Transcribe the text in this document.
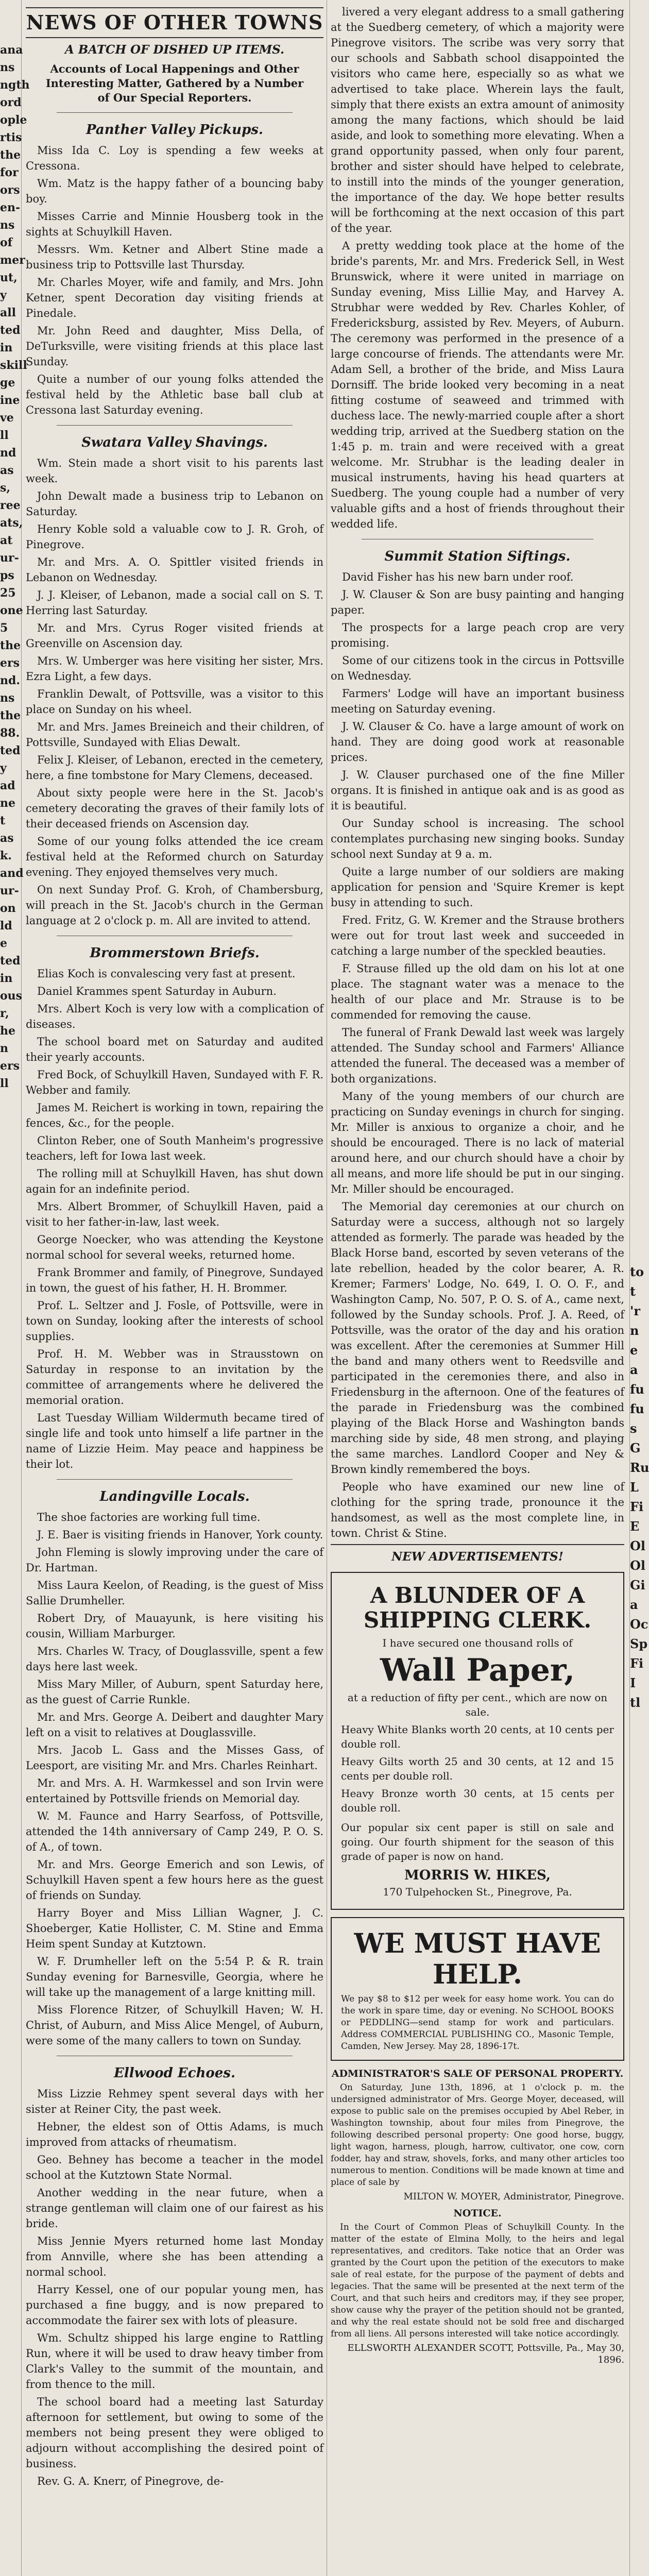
ana
ns
ngth
ord
ople
rtis
the
for
ors
en-
ns
of
mer
ut,
y
all
ted
in
skill
ge
ine
ve
ll
nd
as
s,
ree
ats,
at
ur-
ps
25
one
5
the
ers
nd.
ns
the
88.
ted
y
ad
ne
t
as
k.
and
ur-
on
ld
e
ted
in
ous
r,
he
n
ers
ll
NEWS OF OTHER TOWNS
A BATCH OF DISHED UP ITEMS.
Accounts of Local Happenings and Other Interesting Matter, Gathered by a Number of Our Special Reporters.
Panther Valley Pickups.

Miss Ida C. Loy is spending a few weeks at Cressona.

Wm. Matz is the happy father of a bouncing baby boy.

Misses Carrie and Minnie Housberg took in the sights at Schuylkill Haven.

Messrs. Wm. Ketner and Albert Stine made a business trip to Pottsville last Thursday.

Mr. Charles Moyer, wife and family, and Mrs. John Ketner, spent Decoration day visiting friends at Pinedale.

Mr. John Reed and daughter, Miss Della, of DeTurksville, were visiting friends at this place last Sunday.

Quite a number of our young folks attended the festival held by the Athletic base ball club at Cressona last Saturday evening.

Swatara Valley Shavings.

Wm. Stein made a short visit to his parents last week.

John Dewalt made a business trip to Lebanon on Saturday.

Henry Koble sold a valuable cow to J. R. Groh, of Pinegrove.

Mr. and Mrs. A. O. Spittler visited friends in Lebanon on Wednesday.

J. J. Kleiser, of Lebanon, made a social call on S. T. Herring last Saturday.

Mr. and Mrs. Cyrus Roger visited friends at Greenville on Ascension day.

Mrs. W. Umberger was here visiting her sister, Mrs. Ezra Light, a few days.

Franklin Dewalt, of Pottsville, was a visitor to this place on Sunday on his wheel.

Mr. and Mrs. James Breineich and their children, of Pottsville, Sundayed with Elias Dewalt.

Felix J. Kleiser, of Lebanon, erected in the cemetery, here, a fine tombstone for Mary Clemens, deceased.

About sixty people were here in the St. Jacob's cemetery decorating the graves of their family lots of their deceased friends on Ascension day.

Some of our young folks attended the ice cream festival held at the Reformed church on Saturday evening. They enjoyed themselves very much.

On next Sunday Prof. G. Kroh, of Chambersburg, will preach in the St. Jacob's church in the German language at 2 o'clock p. m. All are invited to attend.

Brommerstown Briefs.

Elias Koch is convalescing very fast at present.

Daniel Krammes spent Saturday in Auburn.

Mrs. Albert Koch is very low with a complication of diseases.

The school board met on Saturday and audited their yearly accounts.

Fred Bock, of Schuylkill Haven, Sundayed with F. R. Webber and family.

James M. Reichert is working in town, repairing the fences, &c., for the people.

Clinton Reber, one of South Manheim's progressive teachers, left for Iowa last week.

The rolling mill at Schuylkill Haven, has shut down again for an indefinite period.

Mrs. Albert Brommer, of Schuylkill Haven, paid a visit to her father-in-law, last week.

George Noecker, who was attending the Keystone normal school for several weeks, returned home.

Frank Brommer and family, of Pinegrove, Sundayed in town, the guest of his father, H. H. Brommer.

Prof. L. Seltzer and J. Fosle, of Pottsville, were in town on Sunday, looking after the interests of school supplies.

Prof. H. M. Webber was in Strausstown on Saturday in response to an invitation by the committee of arrangements where he delivered the memorial oration.

Last Tuesday William Wildermuth became tired of single life and took unto himself a life partner in the name of Lizzie Heim. May peace and happiness be their lot.

Landingville Locals.

The shoe factories are working full time.

J. E. Baer is visiting friends in Hanover, York county.

John Fleming is slowly improving under the care of Dr. Hartman.

Miss Laura Keelon, of Reading, is the guest of Miss Sallie Drumheller.

Robert Dry, of Mauayunk, is here visiting his cousin, William Marburger.

Mrs. Charles W. Tracy, of Douglassville, spent a few days here last week.

Miss Mary Miller, of Auburn, spent Saturday here, as the guest of Carrie Runkle.

Mr. and Mrs. George A. Deibert and daughter Mary left on a visit to relatives at Douglassville.

Mrs. Jacob L. Gass and the Misses Gass, of Leesport, are visiting Mr. and Mrs. Charles Reinhart.

Mr. and Mrs. A. H. Warmkessel and son Irvin were entertained by Pottsville friends on Memorial day.

W. M. Faunce and Harry Searfoss, of Pottsville, attended the 14th anniversary of Camp 249, P. O. S. of A., of town.

Mr. and Mrs. George Emerich and son Lewis, of Schuylkill Haven spent a few hours here as the guest of friends on Sunday.

Harry Boyer and Miss Lillian Wagner, J. C. Shoeberger, Katie Hollister, C. M. Stine and Emma Heim spent Sunday at Kutztown.

W. F. Drumheller left on the 5:54 P. & R. train Sunday evening for Barnesville, Georgia, where he will take up the management of a large knitting mill.

Miss Florence Ritzer, of Schuylkill Haven; W. H. Christ, of Auburn, and Miss Alice Mengel, of Auburn, were some of the many callers to town on Sunday.

Ellwood Echoes.

Miss Lizzie Rehmey spent several days with her sister at Reiner City, the past week.

Hebner, the eldest son of Ottis Adams, is much improved from attacks of rheumatism.

Geo. Behney has become a teacher in the model school at the Kutztown State Normal.

Another wedding in the near future, when a strange gentleman will claim one of our fairest as his bride.

Miss Jennie Myers returned home last Monday from Annville, where she has been attending a normal school.

Harry Kessel, one of our popular young men, has purchased a fine buggy, and is now prepared to accommodate the fairer sex with lots of pleasure.

Wm. Schultz shipped his large engine to Rattling Run, where it will be used to draw heavy timber from Clark's Valley to the summit of the mountain, and from thence to the mill.

The school board had a meeting last Saturday afternoon for settlement, but owing to some of the members not being present they were obliged to adjourn without accomplishing the desired point of business.

Rev. G. A. Knerr, of Pinegrove, de-

livered a very elegant address to a small gathering at the Suedberg cemetery, of which a majority were Pinegrove visitors. The scribe was very sorry that our schools and Sabbath school disappointed the visitors who came here, especially so as what we advertised to take place. Wherein lays the fault, simply that there exists an extra amount of animosity among the many factions, which should be laid aside, and look to something more elevating. When a grand opportunity passed, when only four parent, brother and sister should have helped to celebrate, to instill into the minds of the younger generation, the importance of the day. We hope better results will be forthcoming at the next occasion of this part of the year.

A pretty wedding took place at the home of the bride's parents, Mr. and Mrs. Frederick Sell, in West Brunswick, where it were united in marriage on Sunday evening, Miss Lillie May, and Harvey A. Strubhar were wedded by Rev. Charles Kohler, of Fredericksburg, assisted by Rev. Meyers, of Auburn. The ceremony was performed in the presence of a large concourse of friends. The attendants were Mr. Adam Sell, a brother of the bride, and Miss Laura Dornsiff. The bride looked very becoming in a neat fitting costume of seaweed and trimmed with duchess lace. The newly-married couple after a short wedding trip, arrived at the Suedberg station on the 1:45 p. m. train and were received with a great welcome. Mr. Strubhar is the leading dealer in musical instruments, having his head quarters at Suedberg. The young couple had a number of very valuable gifts and a host of friends throughout their wedded life.

Summit Station Siftings.

David Fisher has his new barn under roof.

J. W. Clauser & Son are busy painting and hanging paper.

The prospects for a large peach crop are very promising.

Some of our citizens took in the circus in Pottsville on Wednesday.

Farmers' Lodge will have an important business meeting on Saturday evening.

J. W. Clauser & Co. have a large amount of work on hand. They are doing good work at reasonable prices.

J. W. Clauser purchased one of the fine Miller organs. It is finished in antique oak and is as good as it is beautiful.

Our Sunday school is increasing. The school contemplates purchasing new singing books. Sunday school next Sunday at 9 a. m.

Quite a large number of our soldiers are making application for pension and 'Squire Kremer is kept busy in attending to such.

Fred. Fritz, G. W. Kremer and the Strause brothers were out for trout last week and succeeded in catching a large number of the speckled beauties.

F. Strause filled up the old dam on his lot at one place. The stagnant water was a menace to the health of our place and Mr. Strause is to be commended for removing the cause.

The funeral of Frank Dewald last week was largely attended. The Sunday school and Farmers' Alliance attended the funeral. The deceased was a member of both organizations.

Many of the young members of our church are practicing on Sunday evenings in church for singing. Mr. Miller is anxious to organize a choir, and he should be encouraged. There is no lack of material around here, and our church should have a choir by all means, and more life should be put in our singing. Mr. Miller should be encouraged.

The Memorial day ceremonies at our church on Saturday were a success, although not so largely attended as formerly. The parade was headed by the Black Horse band, escorted by seven veterans of the late rebellion, headed by the color bearer, A. R. Kremer; Farmers' Lodge, No. 649, I. O. O. F., and Washington Camp, No. 507, P. O. S. of A., came next, followed by the Sunday schools. Prof. J. A. Reed, of Pottsville, was the orator of the day and his oration was excellent. After the ceremonies at Summer Hill the band and many others went to Reedsville and participated in the ceremonies there, and also in Friedensburg in the afternoon. One of the features of the parade in Friedensburg was the combined playing of the Black Horse and Washington bands marching side by side, 48 men strong, and playing the same marches. Landlord Cooper and Ney & Brown kindly remembered the boys.

People who have examined our new line of clothing for the spring trade, pronounce it the handsomest, as well as the most complete line, in town. Christ & Stine.

NEW ADVERTISEMENTS!
A BLUNDER OF A SHIPPING CLERK.
I have secured one thousand rolls of
Wall Paper,
at a reduction of fifty per cent., which are now on sale.
Heavy White Blanks worth 20 cents, at 10 cents per double roll.
Heavy Gilts worth 25 and 30 cents, at 12 and 15 cents per double roll.
Heavy Bronze worth 30 cents, at 15 cents per double roll.
Our popular six cent paper is still on sale and going. Our fourth shipment for the season of this grade of paper is now on hand.
MORRIS W. HIKES,
170 Tulpehocken St., Pinegrove, Pa.
WE MUST HAVE HELP.
We pay $8 to $12 per week for easy home work. You can do the work in spare time, day or evening. No SCHOOL BOOKS or PEDDLING—send stamp for work and particulars. Address COMMERCIAL PUBLISHING CO., Masonic Temple, Camden, New Jersey. May 28, 1896-17t.
ADMINISTRATOR'S SALE OF PERSONAL PROPERTY.

On Saturday, June 13th, 1896, at 1 o'clock p. m. the undersigned administrator of Mrs. George Moyer, deceased, will expose to public sale on the premises occupied by Abel Reber, in Washington township, about four miles from Pinegrove, the following described personal property: One good horse, buggy, light wagon, harness, plough, harrow, cultivator, one cow, corn fodder, hay and straw, shovels, forks, and many other articles too numerous to mention. Conditions will be made known at time and place of sale by

MILTON W. MOYER, Administrator, Pinegrove.
NOTICE.

In the Court of Common Pleas of Schuylkill County. In the matter of the estate of Elmina Molly, to the heirs and legal representatives, and creditors. Take notice that an Order was granted by the Court upon the petition of the executors to make sale of real estate, for the purpose of the payment of debts and legacies. That the same will be presented at the next term of the Court, and that such heirs and creditors may, if they see proper, show cause why the prayer of the petition should not be granted, and why the real estate should not be sold free and discharged from all liens. All persons interested will take notice accordingly.

ELLSWORTH ALEXANDER SCOTT, Pottsville, Pa., May 30, 1896.
to
t
'r
n
e
a
fu
fu
s
G
Ru
L
Fi
E
Ol
Ol
Gi
a
Oc
Sp
Fi
I
tl
